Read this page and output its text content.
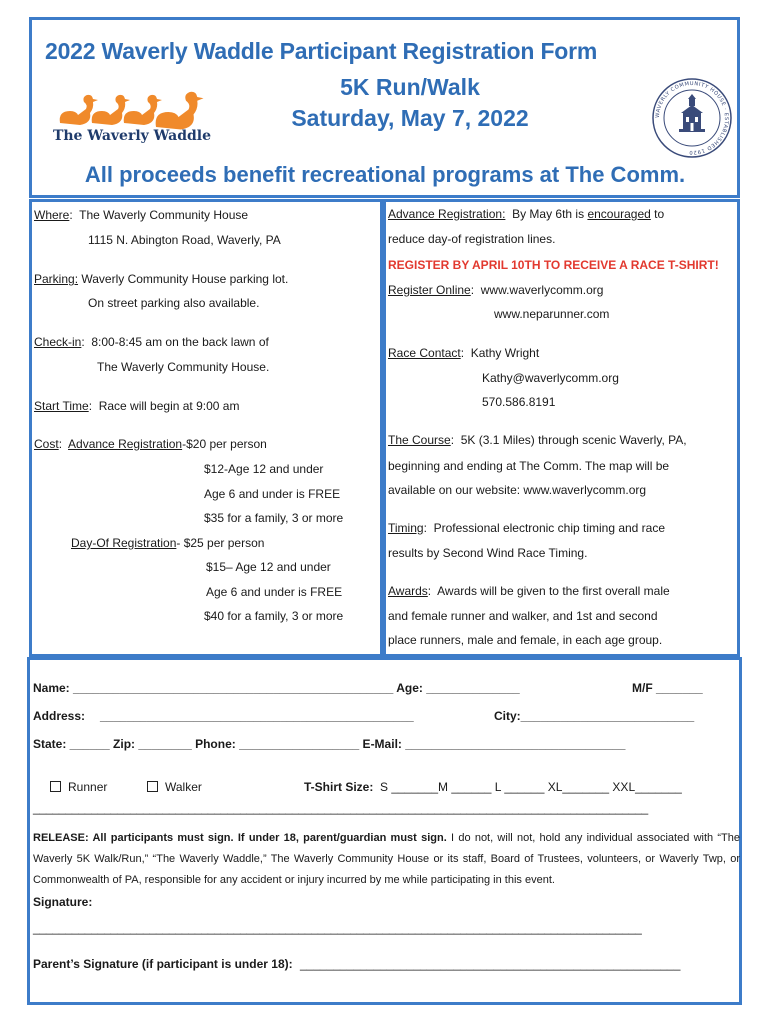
2022 Waverly Waddle Participant Registration Form
5K Run/Walk
Saturday, May 7, 2022
The Waverly Waddle
WAVERLY COMMUNITY HOUSE · ESTABLISHED 1920
All proceeds benefit recreational programs at The Comm.
Where:  The Waverly Community House
1115 N. Abington Road, Waverly, PA
Parking: Waverly Community House parking lot.
On street parking also available.
Check-in:  8:00-8:45 am on the back lawn of
The Waverly Community House.
Start Time:  Race will begin at 9:00 am
Cost:  Advance Registration-$20 per person
$12-Age 12 and under
Age 6 and under is FREE
$35 for a family, 3 or more
Day-Of Registration- $25 per person
$15– Age 12 and under
Age 6 and under is FREE
$40 for a family, 3 or more
Advance Registration: By May 6th is encouraged to
reduce day-of registration lines.
REGISTER BY APRIL 10TH TO RECEIVE A RACE T-SHIRT!
Register Online:  www.waverlycomm.org
www.neparunner.com
Race Contact:  Kathy Wright
Kathy@waverlycomm.org
570.586.8191
The Course:  5K (3.1 Miles) through scenic Waverly, PA,
beginning and ending at The Comm. The map will be
available on our website: www.waverlycomm.org
Timing:  Professional electronic chip timing and race
results by Second Wind Race Timing.
Awards:  Awards will be given to the first overall male
and female runner and walker, and 1st and second
place runners, male and female, in each age group.
Name: ________________________________________________ Age: ______________	M/F _______
Address: _______________________________________________	City:__________________________
State: ______ Zip: ________ Phone: __________________ E-Mail: _________________________________
Runner	Walker	T-Shirt Size: S _______M ______ L ______ XL_______ XXL_______
_______________________________________________________________________________________________
RELEASE: All participants must sign. If under 18, parent/guardian must sign. I do not, will not, hold any individual associated with “The Waverly 5K Walk/Run,” “The Waverly Waddle,” The Waverly Community House or its staff, Board of Trustees, volunteers, or Waverly Twp, or Commonwealth of PA, responsible for any accident or injury incurred by me while participating in this event.
Signature:
______________________________________________________________________________________________
Parent’s Signature (if participant is under 18): _________________________________________________________
